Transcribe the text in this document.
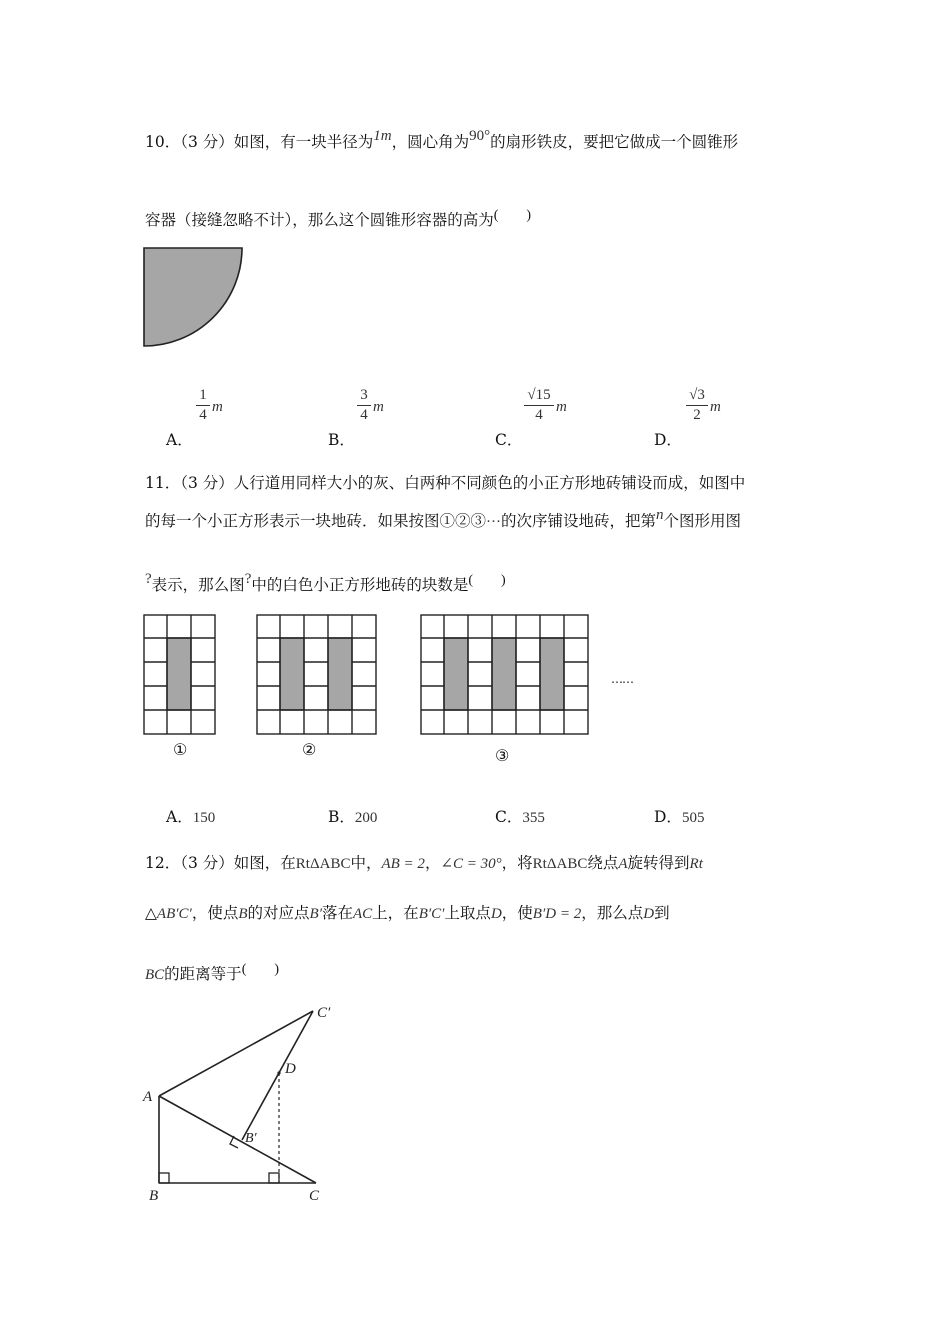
10．（3 分）如图，有一块半径为1m，圆心角为90°的扇形铁皮，要把它做成一个圆锥形
容器（接缝忽略不计），那么这个圆锥形容器的高为(　　)
A．
1
4 m
B．
3
4 m
C．
√15
4 m
D．
√3
2 m
11．（3 分）人行道用同样大小的灰、白两种不同颜色的小正方形地砖铺设而成，如图中
的每一个小正方形表示一块地砖．如果按图①②③···的次序铺设地砖，把第n个图形用图
?表示，那么图?中的白色小正方形地砖的块数是(　　)
①	②	③
……
A．150	B．200	C．355	D．505
12．（3 分）如图，在RtΔABC中，AB = 2，∠C = 30°，将RtΔABC绕点A旋转得到Rt
△AB′C′，使点B的对应点B′落在AC上，在B′C′上取点D，使B′D = 2，那么点D到
BC的距离等于(　　)
A
B	C
C′
D
B′
